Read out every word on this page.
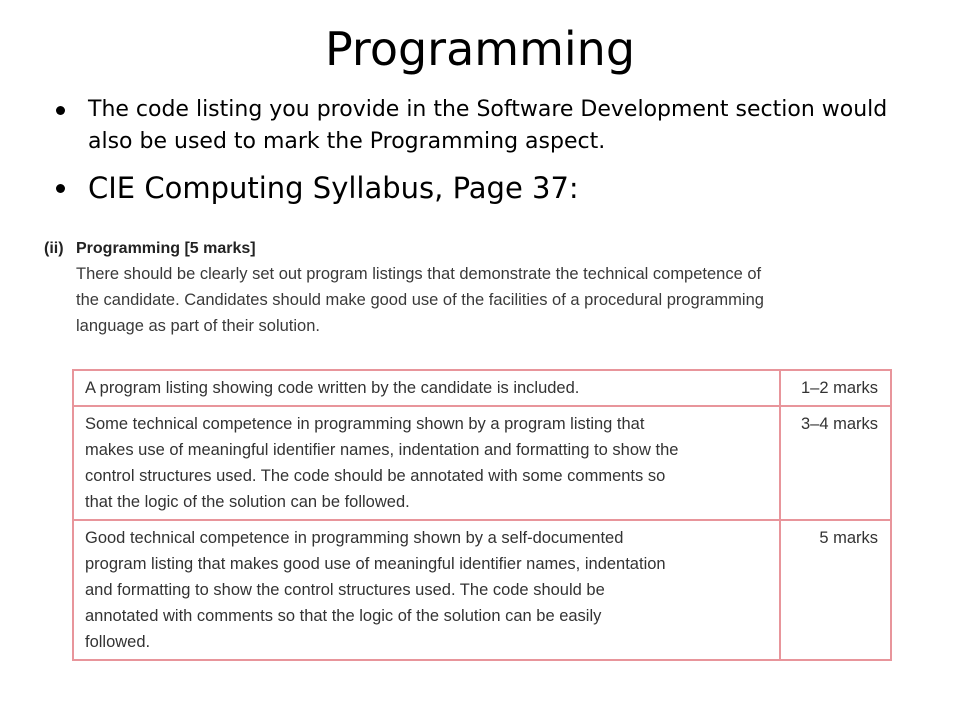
Programming
The code listing you provide in the Software Development section would also be used to mark the Programming aspect.
CIE Computing Syllabus, Page 37:
(ii) Programming [5 marks]
There should be clearly set out program listings that demonstrate the technical competence of
the candidate. Candidates should make good use of the facilities of a procedural programming
language as part of their solution.
A program listing showing code written by the candidate is included.	1–2 marks

Some technical competence in programming shown by a program listing that
makes use of meaningful identifier names, indentation and formatting to show the
control structures used. The code should be annotated with some comments so
that the logic of the solution can be followed.	3–4 marks

Good technical competence in programming shown by a self-documented
program listing that makes good use of meaningful identifier names, indentation
and formatting to show the control structures used. The code should be
annotated with comments so that the logic of the solution can be easily
followed.	5 marks
